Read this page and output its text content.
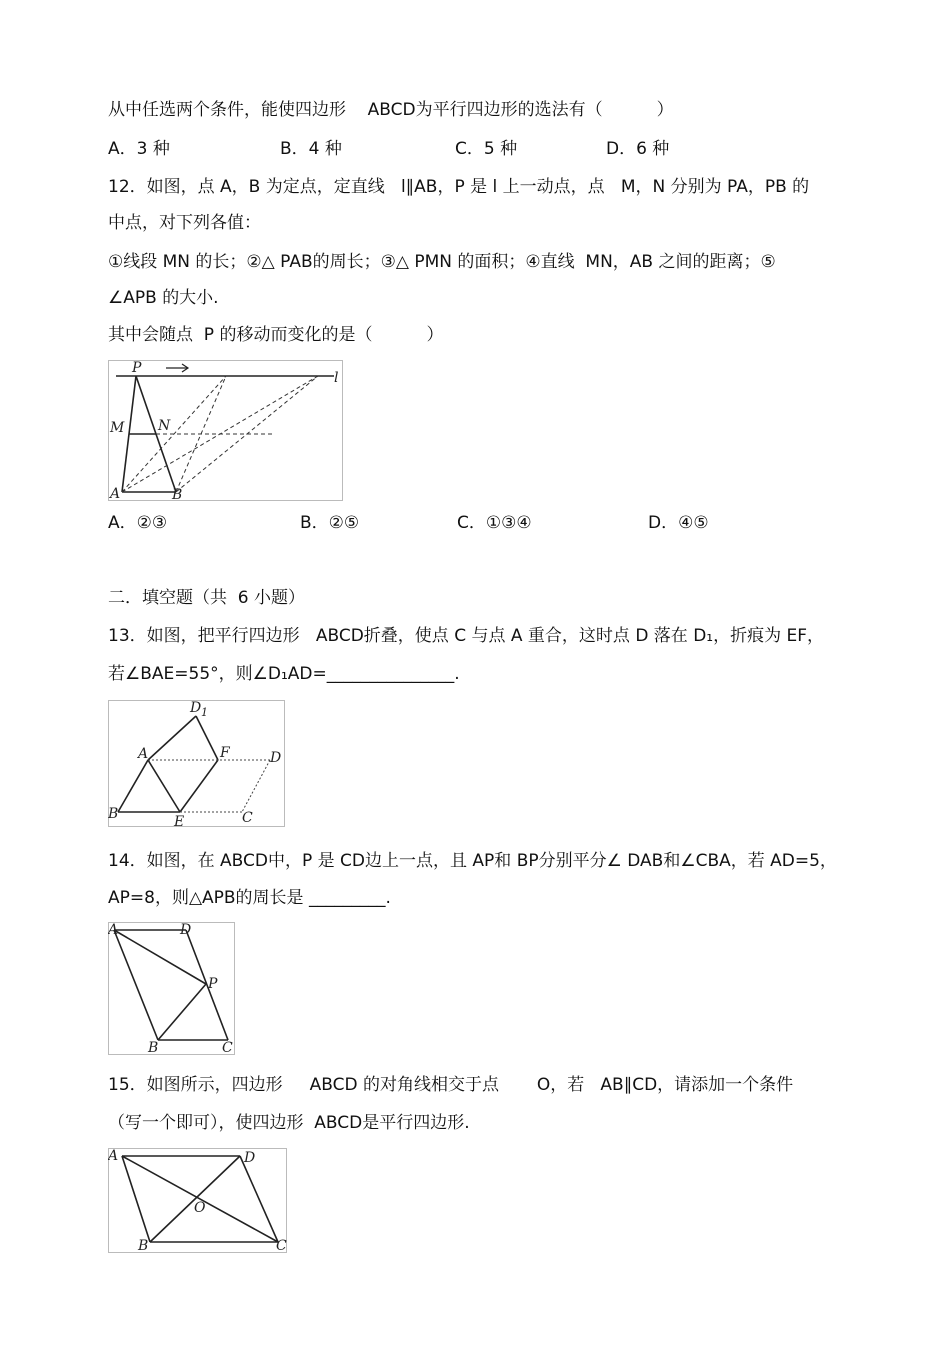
从中任选两个条件，能使四边形    ABCD为平行四边形的选法有（          ）
A．3 种	B．4 种	C．5 种	D．6 种
12．如图，点 A，B 为定点，定直线   l∥AB，P 是 l 上一动点，点   M，N 分别为 PA，PB 的
中点，对下列各值：
①线段 MN 的长；②△ PAB的周长；③△ PMN 的面积；④直线  MN，AB 之间的距离；⑤
∠APB 的大小.
其中会随点  P 的移动而变化的是（          ）
P
M N
A	B
l
A．②③	B．②⑤	C．①③④	D．④⑤
二．填空题（共  6 小题）
13．如图，把平行四边形   ABCD折叠，使点 C 与点 A 重合，这时点 D 落在 D₁，折痕为 EF，
若∠BAE=55°，则∠D₁AD=_______________.
D 1
A	F	D
B	E	C
14．如图，在 ABCD中，P 是 CD边上一点，且 AP和 BP分别平分∠ DAB和∠CBA，若 AD=5，
AP=8，则△APB的周长是 _________.
A	D
P
B	C
15．如图所示，四边形     ABCD 的对角线相交于点       O，若   AB∥CD，请添加一个条件
（写一个即可），使四边形  ABCD是平行四边形.
A	D
O
B	C
